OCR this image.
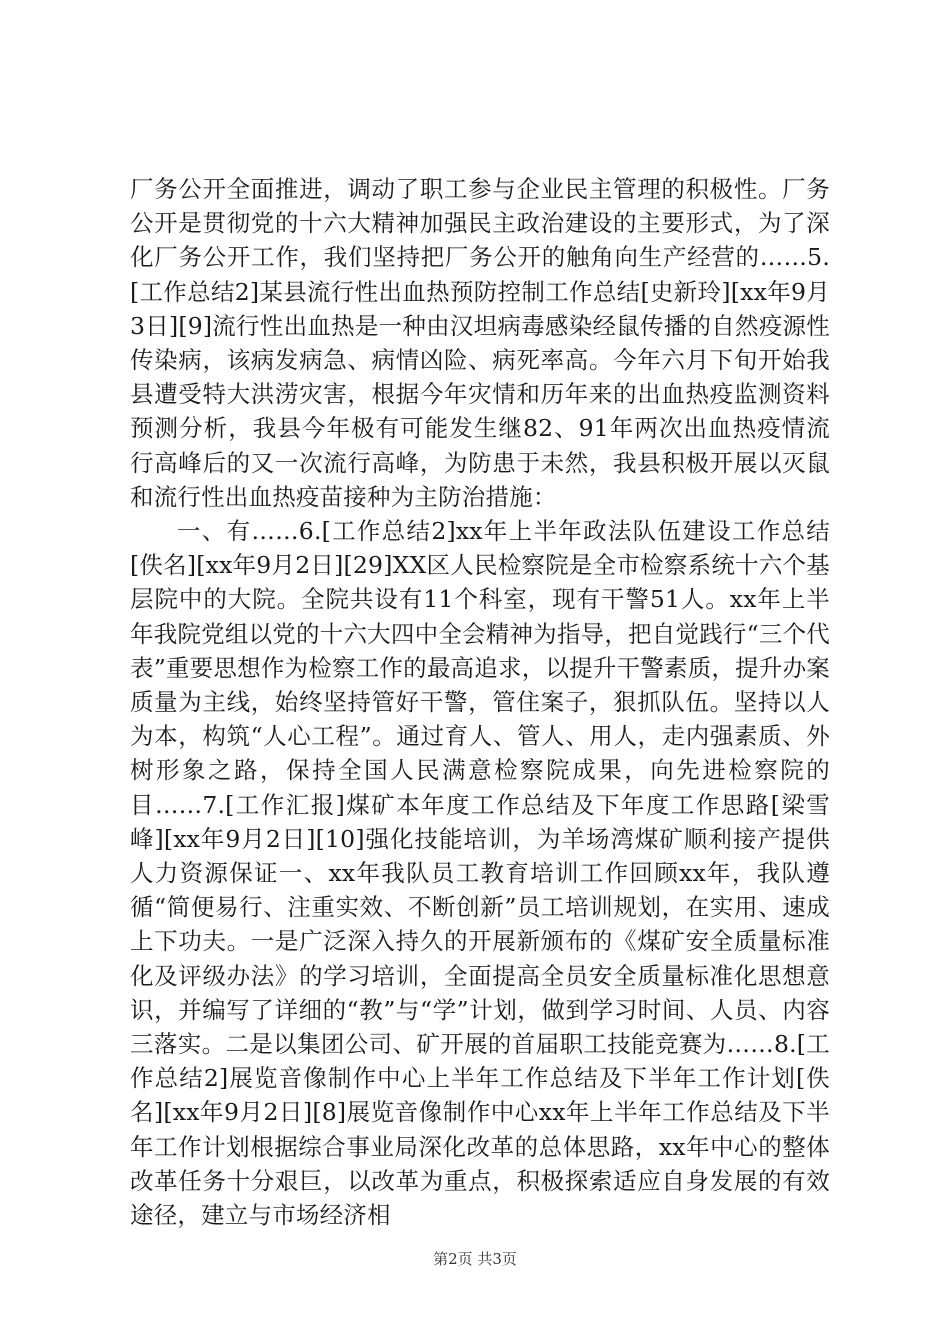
厂务公开全面推进，调动了职工参与企业民主管理的积极性。厂务公开是贯彻党的十六大精神加强民主政治建设的主要形式，为了深化厂务公开工作，我们坚持把厂务公开的触角向生产经营的……5.[工作总结2]某县流行性出血热预防控制工作总结[史新玲][xx年9月3日][9]流行性出血热是一种由汉坦病毒感染经鼠传播的自然疫源性传染病，该病发病急、病情凶险、病死率高。今年六月下旬开始我县遭受特大洪涝灾害，根据今年灾情和历年来的出血热疫监测资料预测分析，我县今年极有可能发生继82、91年两次出血热疫情流行高峰后的又一次流行高峰，为防患于未然，我县积极开展以灭鼠和流行性出血热疫苗接种为主防治措施：

一、有……6.[工作总结2]xx年上半年政法队伍建设工作总结[佚名][xx年9月2日][29]XX区人民检察院是全市检察系统十六个基层院中的大院。全院共设有11个科室，现有干警51人。xx年上半年我院党组以党的十六大四中全会精神为指导，把自觉践行“三个代表”重要思想作为检察工作的最高追求，以提升干警素质，提升办案质量为主线，始终坚持管好干警，管住案子，狠抓队伍。坚持以人为本，构筑“人心工程”。通过育人、管人、用人，走内强素质、外树形象之路，保持全国人民满意检察院成果，向先进检察院的目……7.[工作汇报]煤矿本年度工作总结及下年度工作思路[梁雪峰][xx年9月2日][10]强化技能培训，为羊场湾煤矿顺利接产提供人力资源保证一、xx年我队员工教育培训工作回顾xx年，我队遵循“简便易行、注重实效、不断创新”员工培训规划，在实用、速成上下功夫。一是广泛深入持久的开展新颁布的《煤矿安全质量标准化及评级办法》的学习培训，全面提高全员安全质量标准化思想意识，并编写了详细的“教”与“学”计划，做到学习时间、人员、内容三落实。二是以集团公司、矿开展的首届职工技能竞赛为……8.[工作总结2]展览音像制作中心上半年工作总结及下半年工作计划[佚名][xx年9月2日][8]展览音像制作中心xx年上半年工作总结及下半年工作计划根据综合事业局深化改革的总体思路，xx年中心的整体改革任务十分艰巨，以改革为重点，积极探索适应自身发展的有效途径，建立与市场经济相

第2页 共3页
